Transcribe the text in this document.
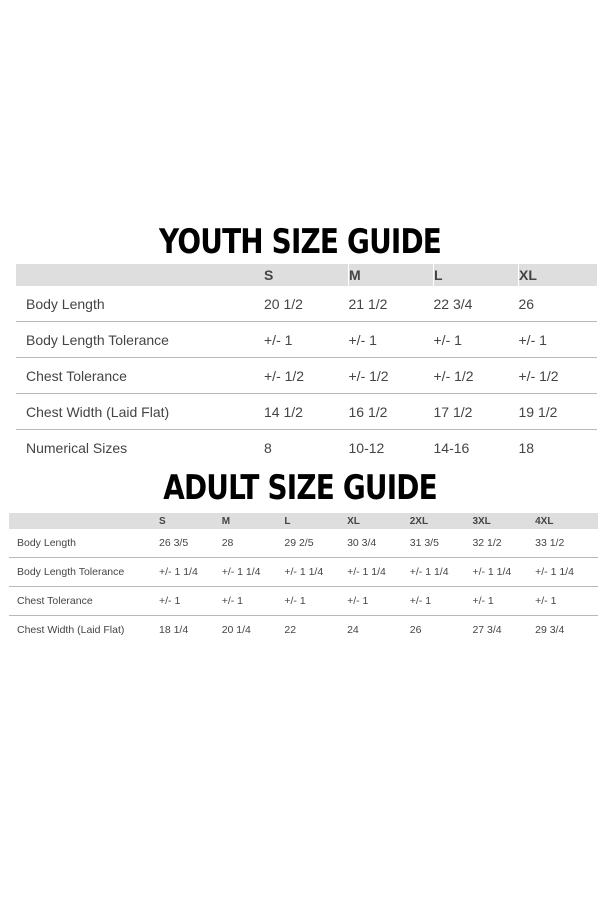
YOUTH SIZE GUIDE
	S	M	L	XL
Body Length	20 1/2	21 1/2	22 3/4	26
Body Length Tolerance	+/- 1	+/- 1	+/- 1	+/- 1
Chest Tolerance	+/- 1/2	+/- 1/2	+/- 1/2	+/- 1/2
Chest Width (Laid Flat)	14 1/2	16 1/2	17 1/2	19 1/2
Numerical Sizes	8	10-12	14-16	18
ADULT SIZE GUIDE
	S	M	L	XL	2XL	3XL	4XL
Body Length	26 3/5	28	29 2/5	30 3/4	31 3/5	32 1/2	33 1/2
Body Length Tolerance	+/- 1 1/4	+/- 1 1/4	+/- 1 1/4	+/- 1 1/4	+/- 1 1/4	+/- 1 1/4	+/- 1 1/4
Chest Tolerance	+/- 1	+/- 1	+/- 1	+/- 1	+/- 1	+/- 1	+/- 1
Chest Width (Laid Flat)	18 1/4	20 1/4	22	24	26	27 3/4	29 3/4
